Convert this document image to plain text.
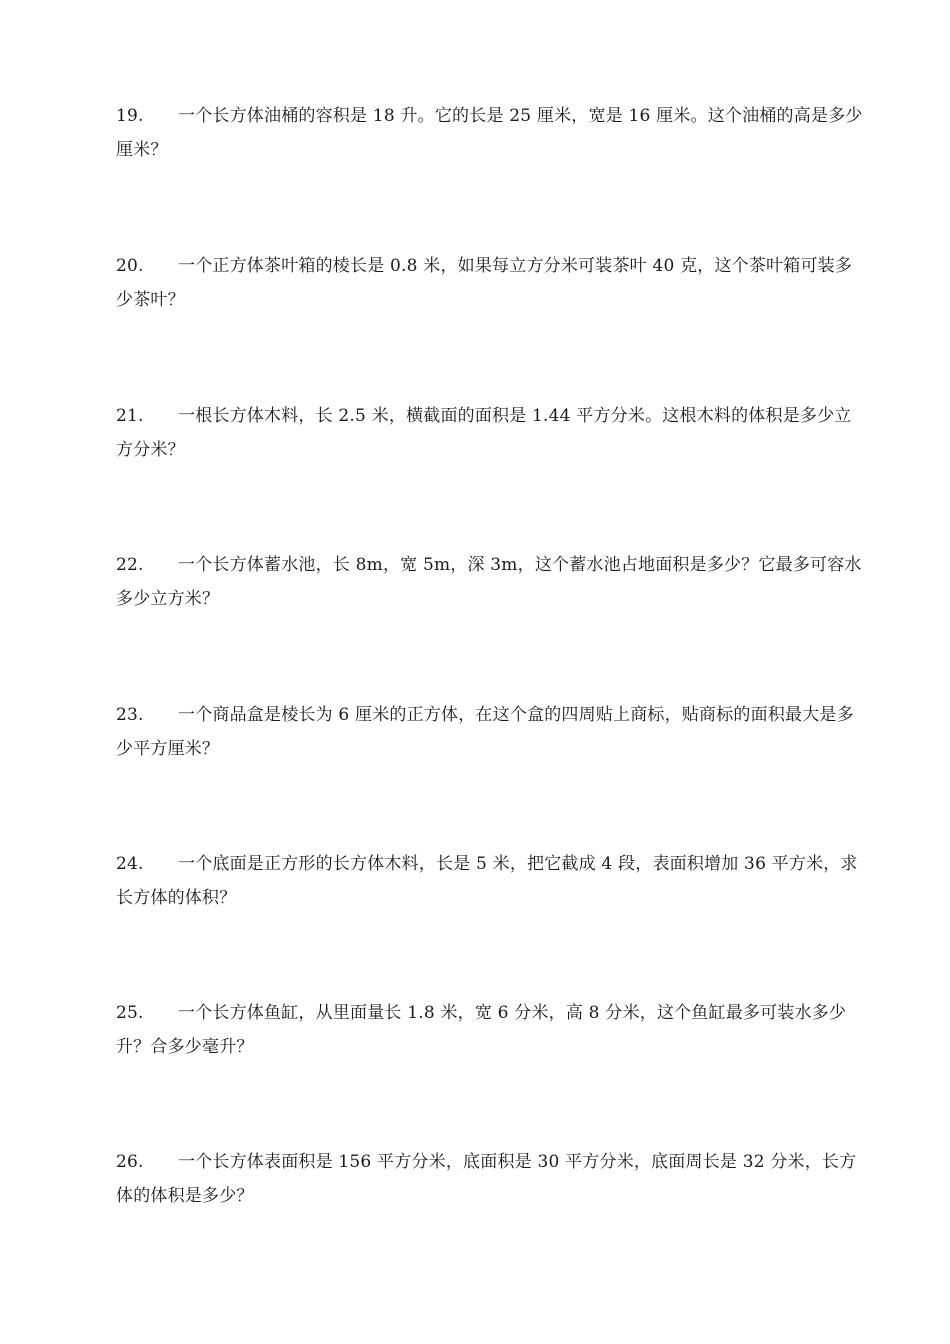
19. 一个长方体油桶的容积是 18 升。它的长是 25 厘米，宽是 16 厘米。这个油桶的高是多少厘米？
20. 一个正方体茶叶箱的棱长是 0.8 米，如果每立方分米可装茶叶 40 克，这个茶叶箱可装多少茶叶？
21. 一根长方体木料，长 2.5 米，横截面的面积是 1.44 平方分米。这根木料的体积是多少立方分米？
22. 一个长方体蓄水池，长 8m，宽 5m，深 3m，这个蓄水池占地面积是多少？它最多可容水多少立方米？
23. 一个商品盒是棱长为 6 厘米的正方体，在这个盒的四周贴上商标，贴商标的面积最大是多少平方厘米？
24. 一个底面是正方形的长方体木料，长是 5 米，把它截成 4 段，表面积增加 36 平方米，求长方体的体积？
25. 一个长方体鱼缸，从里面量长 1.8 米，宽 6 分米，高 8 分米，这个鱼缸最多可装水多少升？合多少毫升？
26. 一个长方体表面积是 156 平方分米，底面积是 30 平方分米，底面周长是 32 分米，长方体的体积是多少？
